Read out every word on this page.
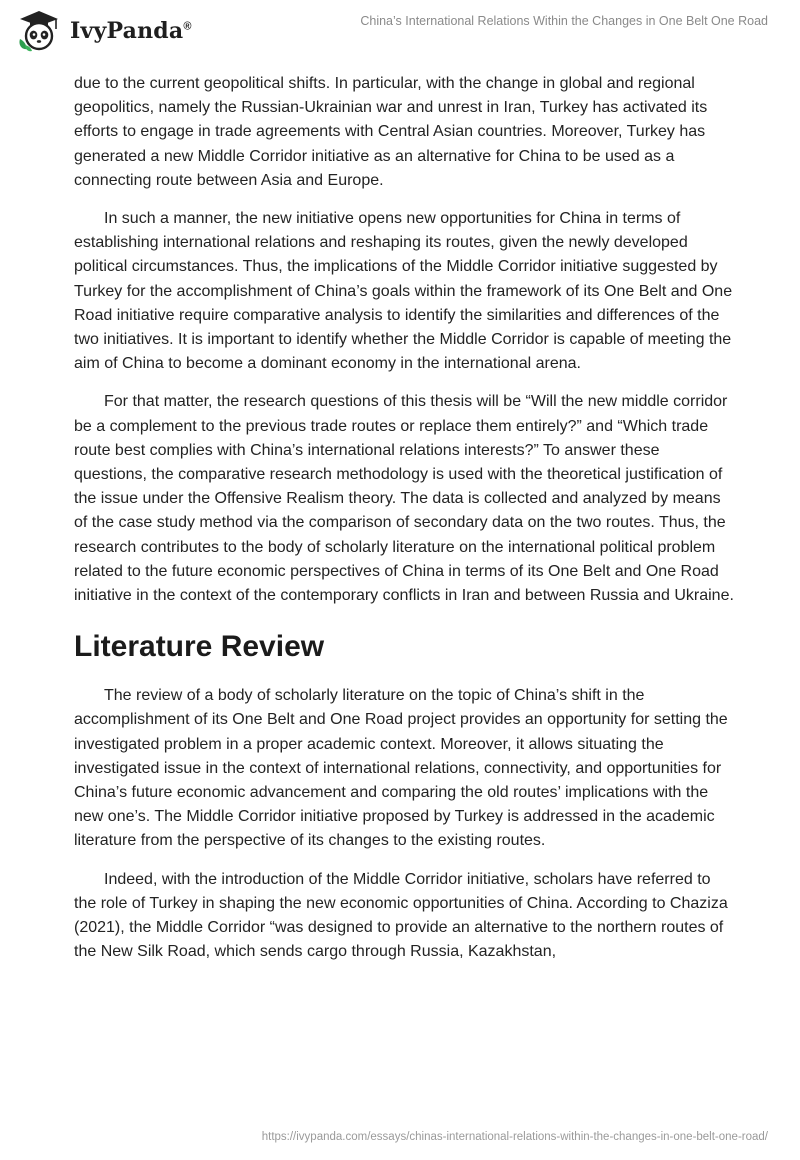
IvyPanda®	China’s International Relations Within the Changes in One Belt One Road

due to the current geopolitical shifts. In particular, with the change in global and regional geopolitics, namely the Russian-Ukrainian war and unrest in Iran, Turkey has activated its efforts to engage in trade agreements with Central Asian countries. Moreover, Turkey has generated a new Middle Corridor initiative as an alternative for China to be used as a connecting route between Asia and Europe.

In such a manner, the new initiative opens new opportunities for China in terms of establishing international relations and reshaping its routes, given the newly developed political circumstances. Thus, the implications of the Middle Corridor initiative suggested by Turkey for the accomplishment of China’s goals within the framework of its One Belt and One Road initiative require comparative analysis to identify the similarities and differences of the two initiatives. It is important to identify whether the Middle Corridor is capable of meeting the aim of China to become a dominant economy in the international arena.

For that matter, the research questions of this thesis will be “Will the new middle corridor be a complement to the previous trade routes or replace them entirely?” and “Which trade route best complies with China’s international relations interests?” To answer these questions, the comparative research methodology is used with the theoretical justification of the issue under the Offensive Realism theory. The data is collected and analyzed by means of the case study method via the comparison of secondary data on the two routes. Thus, the research contributes to the body of scholarly literature on the international political problem related to the future economic perspectives of China in terms of its One Belt and One Road initiative in the context of the contemporary conflicts in Iran and between Russia and Ukraine.

Literature Review

The review of a body of scholarly literature on the topic of China’s shift in the accomplishment of its One Belt and One Road project provides an opportunity for setting the investigated problem in a proper academic context. Moreover, it allows situating the investigated issue in the context of international relations, connectivity, and opportunities for China’s future economic advancement and comparing the old routes’ implications with the new one’s. The Middle Corridor initiative proposed by Turkey is addressed in the academic literature from the perspective of its changes to the existing routes.

Indeed, with the introduction of the Middle Corridor initiative, scholars have referred to the role of Turkey in shaping the new economic opportunities of China. According to Chaziza (2021), the Middle Corridor “was designed to provide an alternative to the northern routes of the New Silk Road, which sends cargo through Russia, Kazakhstan,

https://ivypanda.com/essays/chinas-international-relations-within-the-changes-in-one-belt-one-road/
